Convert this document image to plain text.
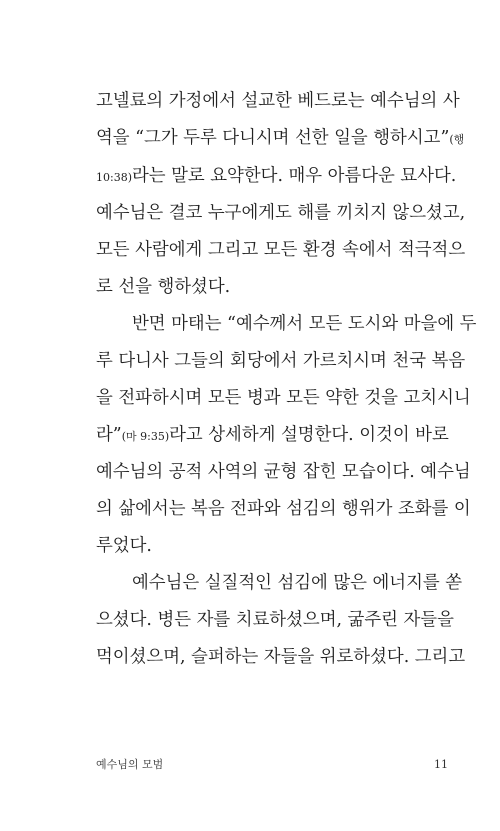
고넬료의 가정에서 설교한 베드로는 예수님의 사
역을 “그가 두루 다니시며 선한 일을 행하시고”(행
10:38)라는 말로 요약한다. 매우 아름다운 묘사다.
예수님은 결코 누구에게도 해를 끼치지 않으셨고,
모든 사람에게 그리고 모든 환경 속에서 적극적으
로 선을 행하셨다.
반면 마태는 “예수께서 모든 도시와 마을에 두
루 다니사 그들의 회당에서 가르치시며 천국 복음
을 전파하시며 모든 병과 모든 약한 것을 고치시니
라”(마 9:35)라고 상세하게 설명한다. 이것이 바로
예수님의 공적 사역의 균형 잡힌 모습이다. 예수님
의 삶에서는 복음 전파와 섬김의 행위가 조화를 이
루었다.
예수님은 실질적인 섬김에 많은 에너지를 쏟
으셨다. 병든 자를 치료하셨으며, 굶주린 자들을
먹이셨으며, 슬퍼하는 자들을 위로하셨다. 그리고
예수님의 모범	11
